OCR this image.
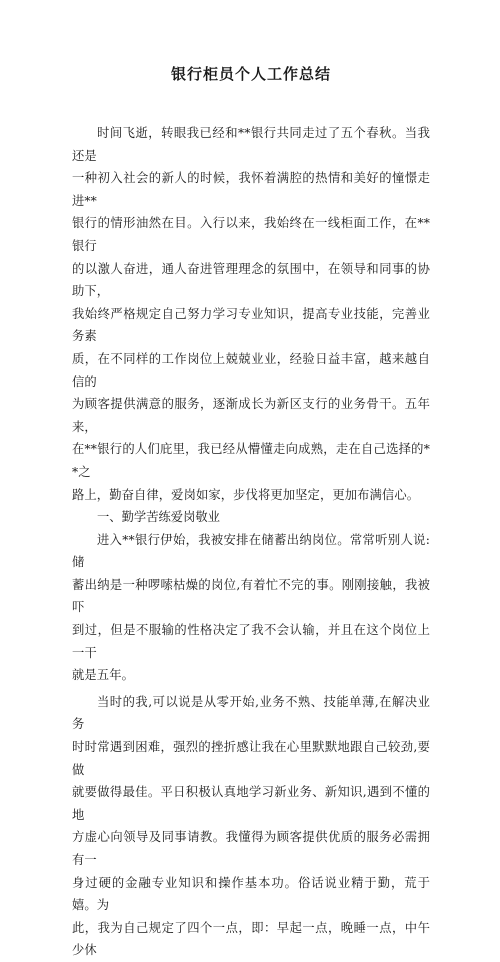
银行柜员个人工作总结

时间飞逝，转眼我已经和**银行共同走过了五个春秋。当我还是
一种初入社会的新人的时候，我怀着满腔的热情和美好的憧憬走进**
银行的情形油然在目。入行以来，我始终在一线柜面工作，在**银行
的以激人奋进，通人奋进管理理念的氛围中，在领导和同事的协助下，
我始终严格规定自己努力学习专业知识，提高专业技能，完善业务素
质，在不同样的工作岗位上兢兢业业，经验日益丰富，越来越自信的
为顾客提供满意的服务，逐渐成长为新区支行的业务骨干。五年来，
在**银行的人们庇里，我已经从懵懂走向成熟，走在自己选择的**之
路上，勤奋自律，爱岗如家，步伐将更加坚定，更加布满信心。

一、勤学苦练爱岗敬业

进入**银行伊始，我被安排在储蓄出纳岗位。常常听别人说:储
蓄出纳是一种啰嗦枯燥的岗位,有着忙不完的事。刚刚接触，我被吓
到过，但是不服输的性格决定了我不会认输，并且在这个岗位上一干
就是五年。

当时的我,可以说是从零开始,业务不熟、技能单薄,在解决业务
时时常遇到困难，强烈的挫折感让我在心里默默地跟自己较劲,要做
就要做得最佳。平日积极认真地学习新业务、新知识,遇到不懂的地
方虚心向领导及同事请教。我懂得为顾客提供优质的服务必需拥有一
身过硬的金融专业知识和操作基本功。俗话说业精于勤，荒于嬉。为
此，我为自己规定了四个一点，即：早起一点，晚睡一点，中午少休
